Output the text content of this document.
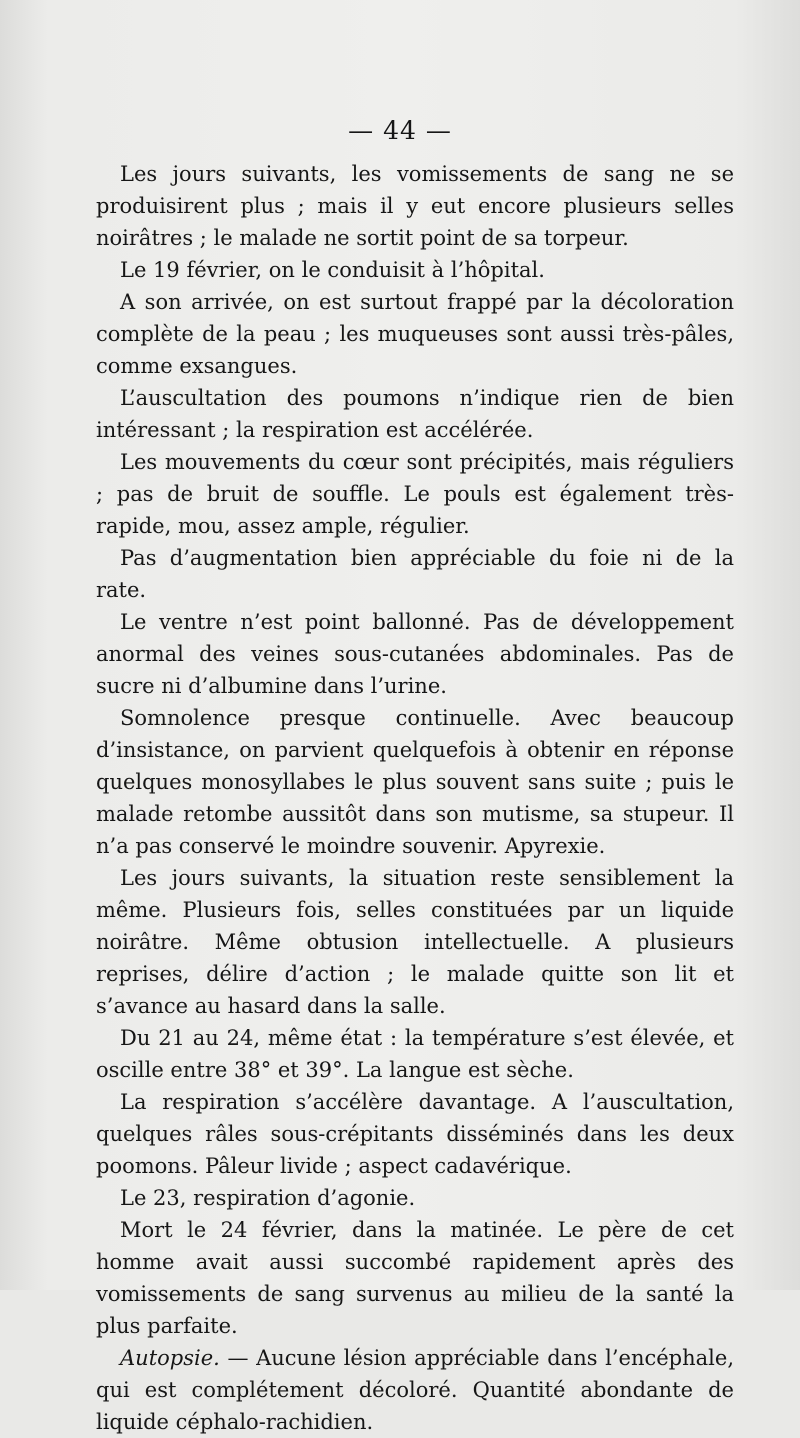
— 44 —

Les jours suivants, les vomissements de sang ne se produisirent plus ; mais il y eut encore plusieurs selles noirâtres ; le malade ne sortit point de sa torpeur.

Le 19 février, on le conduisit à l’hôpital.

A son arrivée, on est surtout frappé par la décoloration complète de la peau ; les muqueuses sont aussi très-pâles, comme exsangues.

L’auscultation des poumons n’indique rien de bien intéressant ; la respiration est accélérée.

Les mouvements du cœur sont précipités, mais réguliers ; pas de bruit de souffle. Le pouls est également très-rapide, mou, assez ample, régulier.

Pas d’augmentation bien appréciable du foie ni de la rate.

Le ventre n’est point ballonné. Pas de développement anormal des veines sous-cutanées abdominales. Pas de sucre ni d’albumine dans l’urine.

Somnolence presque continuelle. Avec beaucoup d’insistance, on parvient quelquefois à obtenir en réponse quelques monosyllabes le plus souvent sans suite ; puis le malade retombe aussitôt dans son mutisme, sa stupeur. Il n’a pas conservé le moindre souvenir. Apyrexie.

Les jours suivants, la situation reste sensiblement la même. Plusieurs fois, selles constituées par un liquide noirâtre. Même obtusion intellectuelle. A plusieurs reprises, délire d’action ; le malade quitte son lit et s’avance au hasard dans la salle.

Du 21 au 24, même état : la température s’est élevée, et oscille entre 38° et 39°. La langue est sèche.

La respiration s’accélère davantage. A l’auscultation, quelques râles sous-crépitants disséminés dans les deux poomons. Pâleur livide ; aspect cadavérique.

Le 23, respiration d’agonie.

Mort le 24 février, dans la matinée. Le père de cet homme avait aussi succombé rapidement après des vomissements de sang survenus au milieu de la santé la plus parfaite.

Autopsie. — Aucune lésion appréciable dans l’encéphale, qui est complétement décoloré. Quantité abondante de liquide céphalo-rachidien.
